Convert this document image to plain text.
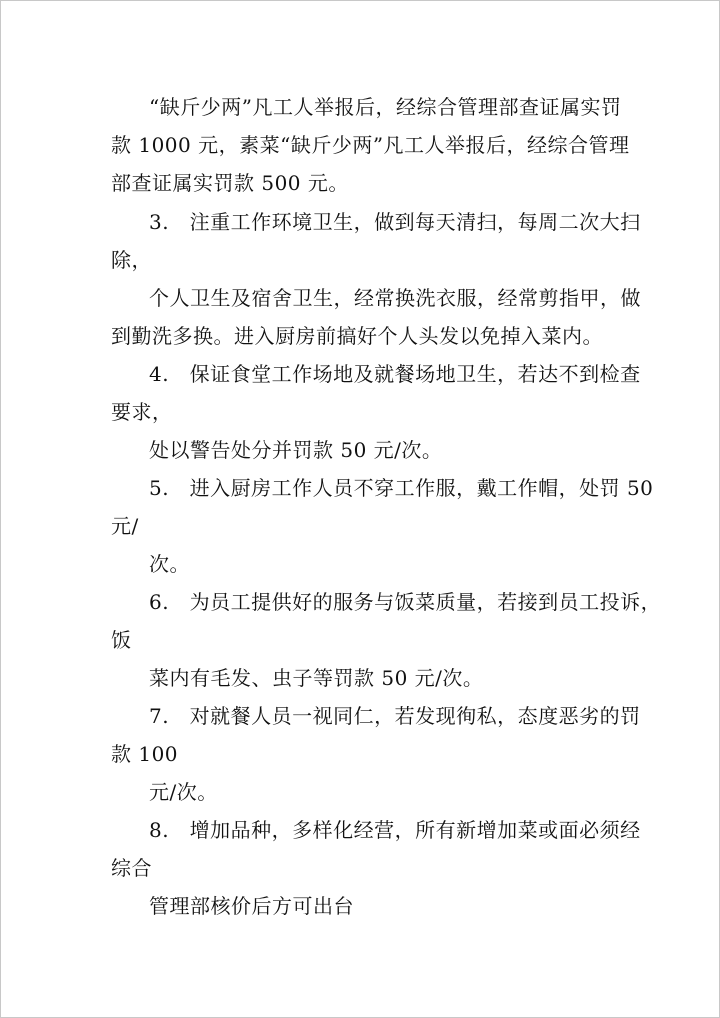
“缺斤少两”凡工人举报后，经综合管理部查证属实罚
款 1000 元，素菜“缺斤少两”凡工人举报后，经综合管理
部查证属实罚款 500 元。
3.　注重工作环境卫生，做到每天清扫，每周二次大扫
除，
个人卫生及宿舍卫生，经常换洗衣服，经常剪指甲，做
到勤洗多换。进入厨房前搞好个人头发以免掉入菜内。
4.　保证食堂工作场地及就餐场地卫生，若达不到检查
要求，
处以警告处分并罚款 50 元/次。
5.　进入厨房工作人员不穿工作服，戴工作帽，处罚 50
元/
次。
6.　为员工提供好的服务与饭菜质量，若接到员工投诉，
饭
菜内有毛发、虫子等罚款 50 元/次。
7.　对就餐人员一视同仁，若发现徇私，态度恶劣的罚
款 100
元/次。
8.　增加品种，多样化经营，所有新增加菜或面必须经
综合
管理部核价后方可出台
